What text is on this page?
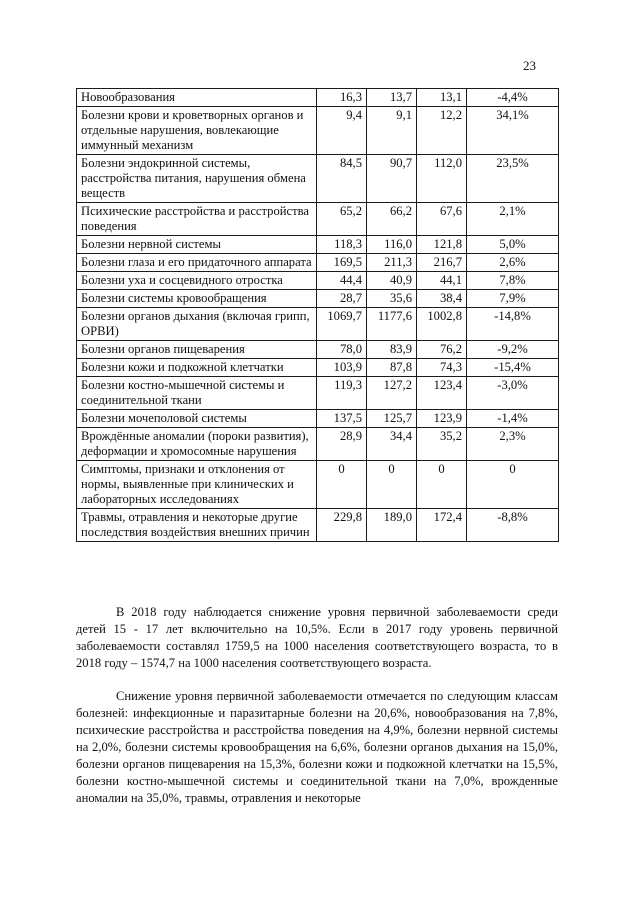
23
Новообразования	16,3	13,7	13,1	-4,4%
Болезни крови и кроветворных органов и отдельные нарушения, вовлекающие иммунный механизм	9,4	9,1	12,2	34,1%
Болезни эндокринной системы, расстройства питания, нарушения обмена веществ	84,5	90,7	112,0	23,5%
Психические расстройства и расстройства поведения	65,2	66,2	67,6	2,1%
Болезни нервной системы	118,3	116,0	121,8	5,0%
Болезни глаза и его придаточного аппарата	169,5	211,3	216,7	2,6%
Болезни уха и сосцевидного отростка	44,4	40,9	44,1	7,8%
Болезни системы кровообращения	28,7	35,6	38,4	7,9%
Болезни органов дыхания (включая грипп, ОРВИ)	1069,7	1177,6	1002,8	-14,8%
Болезни органов пищеварения	78,0	83,9	76,2	-9,2%
Болезни кожи и подкожной клетчатки	103,9	87,8	74,3	-15,4%
Болезни костно-мышечной системы и соединительной ткани	119,3	127,2	123,4	-3,0%
Болезни мочеполовой системы	137,5	125,7	123,9	-1,4%
Врождённые аномалии (пороки развития), деформации и хромосомные нарушения	28,9	34,4	35,2	2,3%
Симптомы, признаки и отклонения от нормы, выявленные при клинических и лабораторных исследованиях	0	0	0	0
Травмы, отравления и некоторые другие последствия воздействия внешних причин	229,8	189,0	172,4	-8,8%

В 2018 году наблюдается снижение уровня первичной заболеваемости среди детей 15 - 17 лет включительно на 10,5%. Если в 2017 году уровень первичной заболеваемости составлял 1759,5 на 1000 населения соответствующего возраста, то в 2018 году – 1574,7 на 1000 населения соответствующего возраста.

Снижение уровня первичной заболеваемости отмечается по следующим классам болезней: инфекционные и паразитарные болезни на 20,6%, новообразования на 7,8%, психические расстройства и расстройства поведения на 4,9%, болезни нервной системы на 2,0%, болезни системы кровообращения на 6,6%, болезни органов дыхания на 15,0%, болезни органов пищеварения на 15,3%, болезни кожи и подкожной клетчатки на 15,5%, болезни костно-мышечной системы и соединительной ткани на 7,0%, врожденные аномалии на 35,0%, травмы, отравления и некоторые
